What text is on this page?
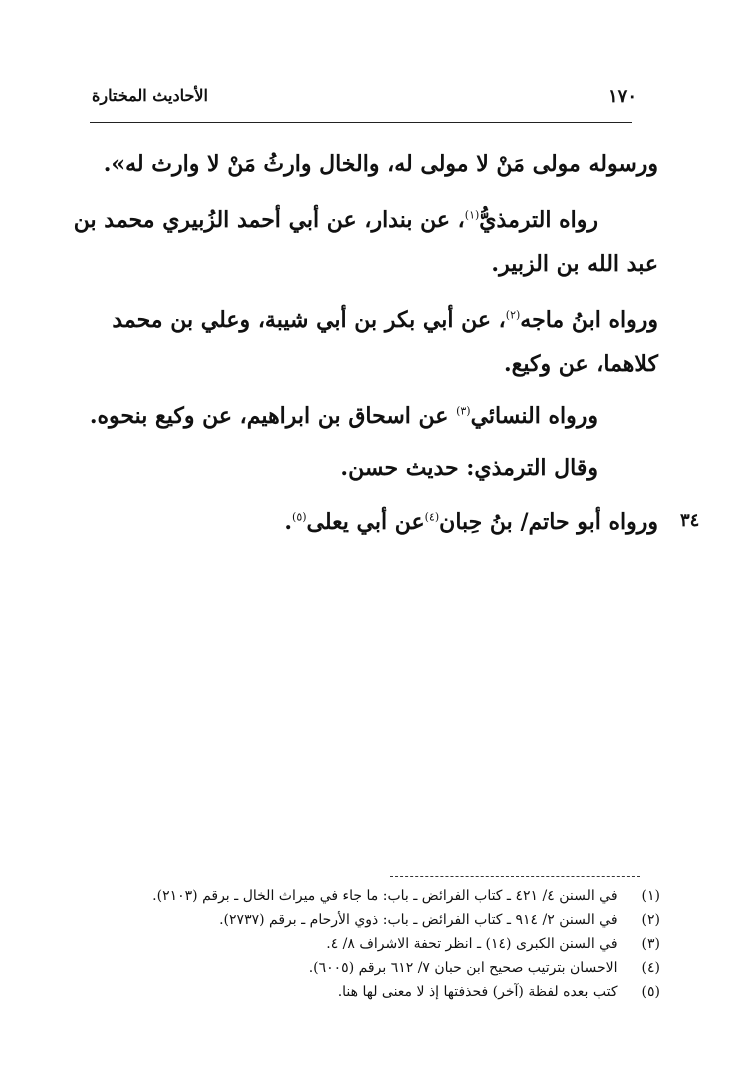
الأحاديث المختارة	١٧٠
ورسوله مولى مَنْ لا مولى له، والخال وارثُ مَنْ لا وارث له».
رواه الترمذيُّ$^{(١)}$، عن بندار، عن أبي أحمد الزُبيري محمد بن
عبد الله بن الزبير.
ورواه ابنُ ماجه$^{(٢)}$، عن أبي بكر بن أبي شيبة، وعلي بن محمد
كلاهما، عن وكيع.
ورواه النسائي$^{(٣)}$ عن اسحاق بن ابراهيم، عن وكيع بنحوه.
وقال الترمذي: حديث حسن.
ورواه أبو حاتم/ بنُ حِبان$^{(٤)}$عن أبي يعلى$^{(٥)}$.	٣٤
(١) في السنن ٤/ ٤٢١ ـ كتاب الفرائض ـ باب: ما جاء في ميراث الخال ـ برقم (٢١٠٣).
(٢) في السنن ٢/ ٩١٤ ـ كتاب الفرائض ـ باب: ذوي الأرحام ـ برقم (٢٧٣٧).
(٣) في السنن الكبرى (١٤) ـ انظر تحفة الاشراف ٨/ ٤.
(٤) الاحسان بترتيب صحيح ابن حبان ٧/ ٦١٢ برقم (٦٠٠٥).
(٥) كتب بعده لفظة (آخر) فحذفتها إذ لا معنى لها هنا.
